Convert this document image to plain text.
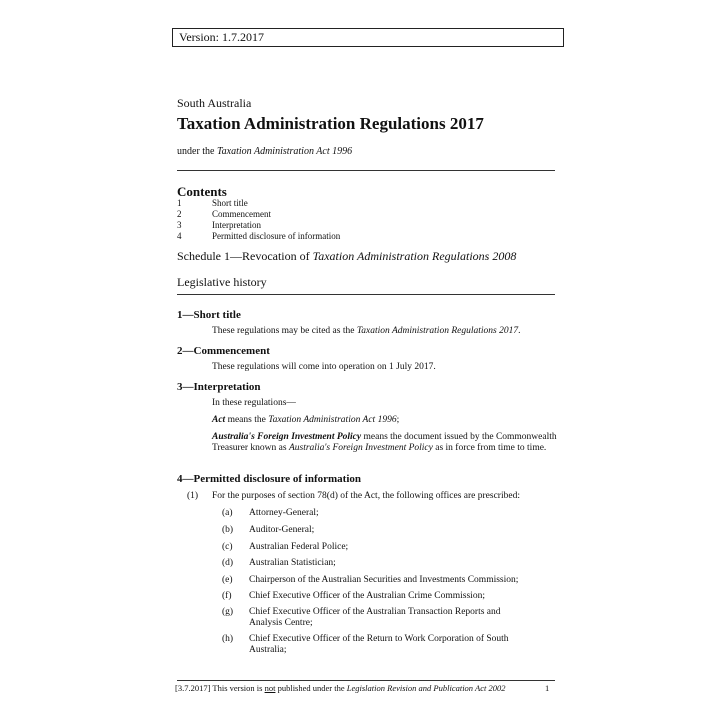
Version: 1.7.2017
South Australia
Taxation Administration Regulations 2017
under the Taxation Administration Act 1996
Contents
1	Short title
2	Commencement
3	Interpretation
4	Permitted disclosure of information
Schedule 1—Revocation of Taxation Administration Regulations 2008
Legislative history
1—Short title
These regulations may be cited as the Taxation Administration Regulations 2017.
2—Commencement
These regulations will come into operation on 1 July 2017.
3—Interpretation
In these regulations—
Act means the Taxation Administration Act 1996;
Australia's Foreign Investment Policy means the document issued by the Commonwealth Treasurer known as Australia's Foreign Investment Policy as in force from time to time.
4—Permitted disclosure of information
(1) For the purposes of section 78(d) of the Act, the following offices are prescribed:
(a) Attorney-General;
(b) Auditor-General;
(c) Australian Federal Police;
(d) Australian Statistician;
(e) Chairperson of the Australian Securities and Investments Commission;
(f) Chief Executive Officer of the Australian Crime Commission;
(g)	Chief Executive Officer of the Australian Transaction Reports and Analysis Centre;
(h)	Chief Executive Officer of the Return to Work Corporation of South Australia;
[3.7.2017] This version is not published under the Legislation Revision and Publication Act 2002	1
